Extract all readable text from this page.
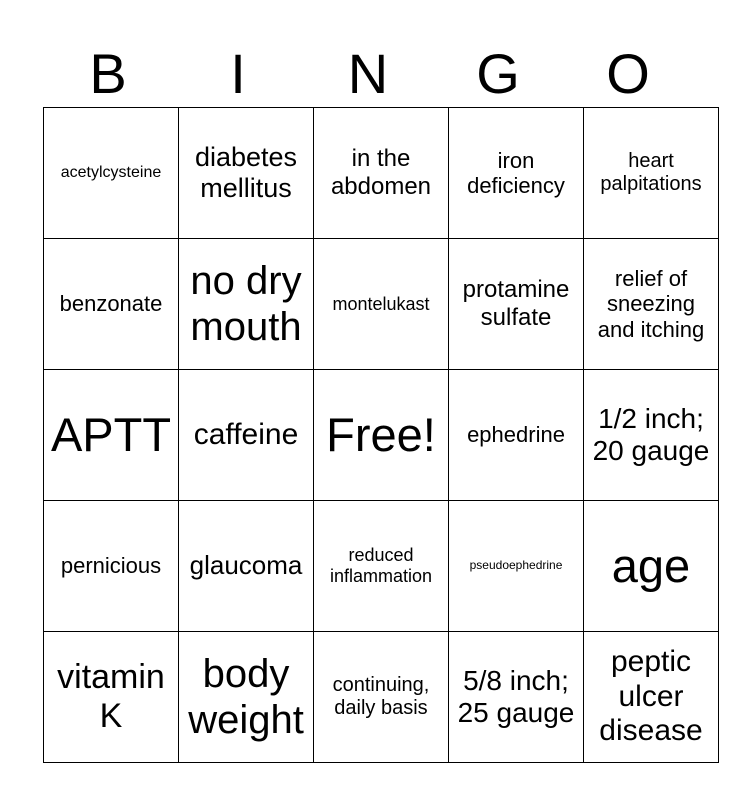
B	I	N	G	O
acetylcysteine	diabetes mellitus	in the abdomen	iron deficiency	heart palpitations
benzonate	no dry mouth	montelukast	protamine sulfate	relief of sneezing and itching
APTT	caffeine	Free!	ephedrine	1/2 inch; 20 gauge
pernicious	glaucoma	reduced inflammation	pseudoephedrine	age
vitamin K	body weight	continuing, daily basis	5/8 inch; 25 gauge	peptic ulcer disease
